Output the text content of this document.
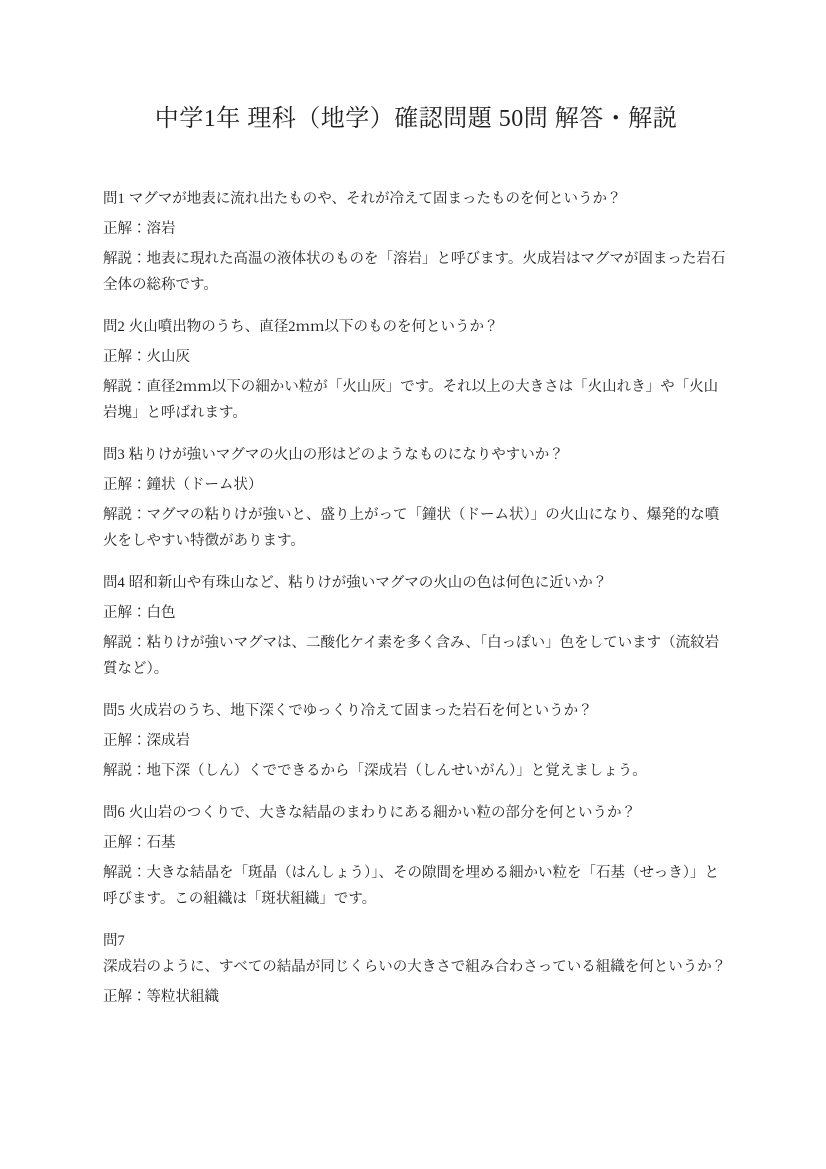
中学1年 理科（地学）確認問題 50問 解答・解説

問1 マグマが地表に流れ出たものや、それが冷えて固まったものを何というか？

正解：溶岩

解説：地表に現れた高温の液体状のものを「溶岩」と呼びます。火成岩はマグマが固まった岩石全体の総称です。

問2 火山噴出物のうち、直径2ｍｍ以下のものを何というか？

正解：火山灰

解説：直径2ｍｍ以下の細かい粒が「火山灰」です。それ以上の大きさは「火山れき」や「火山岩塊」と呼ばれます。

問3 粘りけが強いマグマの火山の形はどのようなものになりやすいか？

正解：鐘状（ドーム状）

解説：マグマの粘りけが強いと、盛り上がって「鐘状（ドーム状）」の火山になり、爆発的な噴火をしやすい特徴があります。

問4 昭和新山や有珠山など、粘りけが強いマグマの火山の色は何色に近いか？

正解：白色

解説：粘りけが強いマグマは、二酸化ケイ素を多く含み、「白っぽい」色をしています（流紋岩質など）。

問5 火成岩のうち、地下深くでゆっくり冷えて固まった岩石を何というか？

正解：深成岩

解説：地下深（しん）くでできるから「深成岩（しんせいがん）」と覚えましょう。

問6 火山岩のつくりで、大きな結晶のまわりにある細かい粒の部分を何というか？

正解：石基

解説：大きな結晶を「斑晶（はんしょう）」、その隙間を埋める細かい粒を「石基（せっき）」と呼びます。この組織は「斑状組織」です。

問7
深成岩のように、すべての結晶が同じくらいの大きさで組み合わさっている組織を何というか？

正解：等粒状組織
